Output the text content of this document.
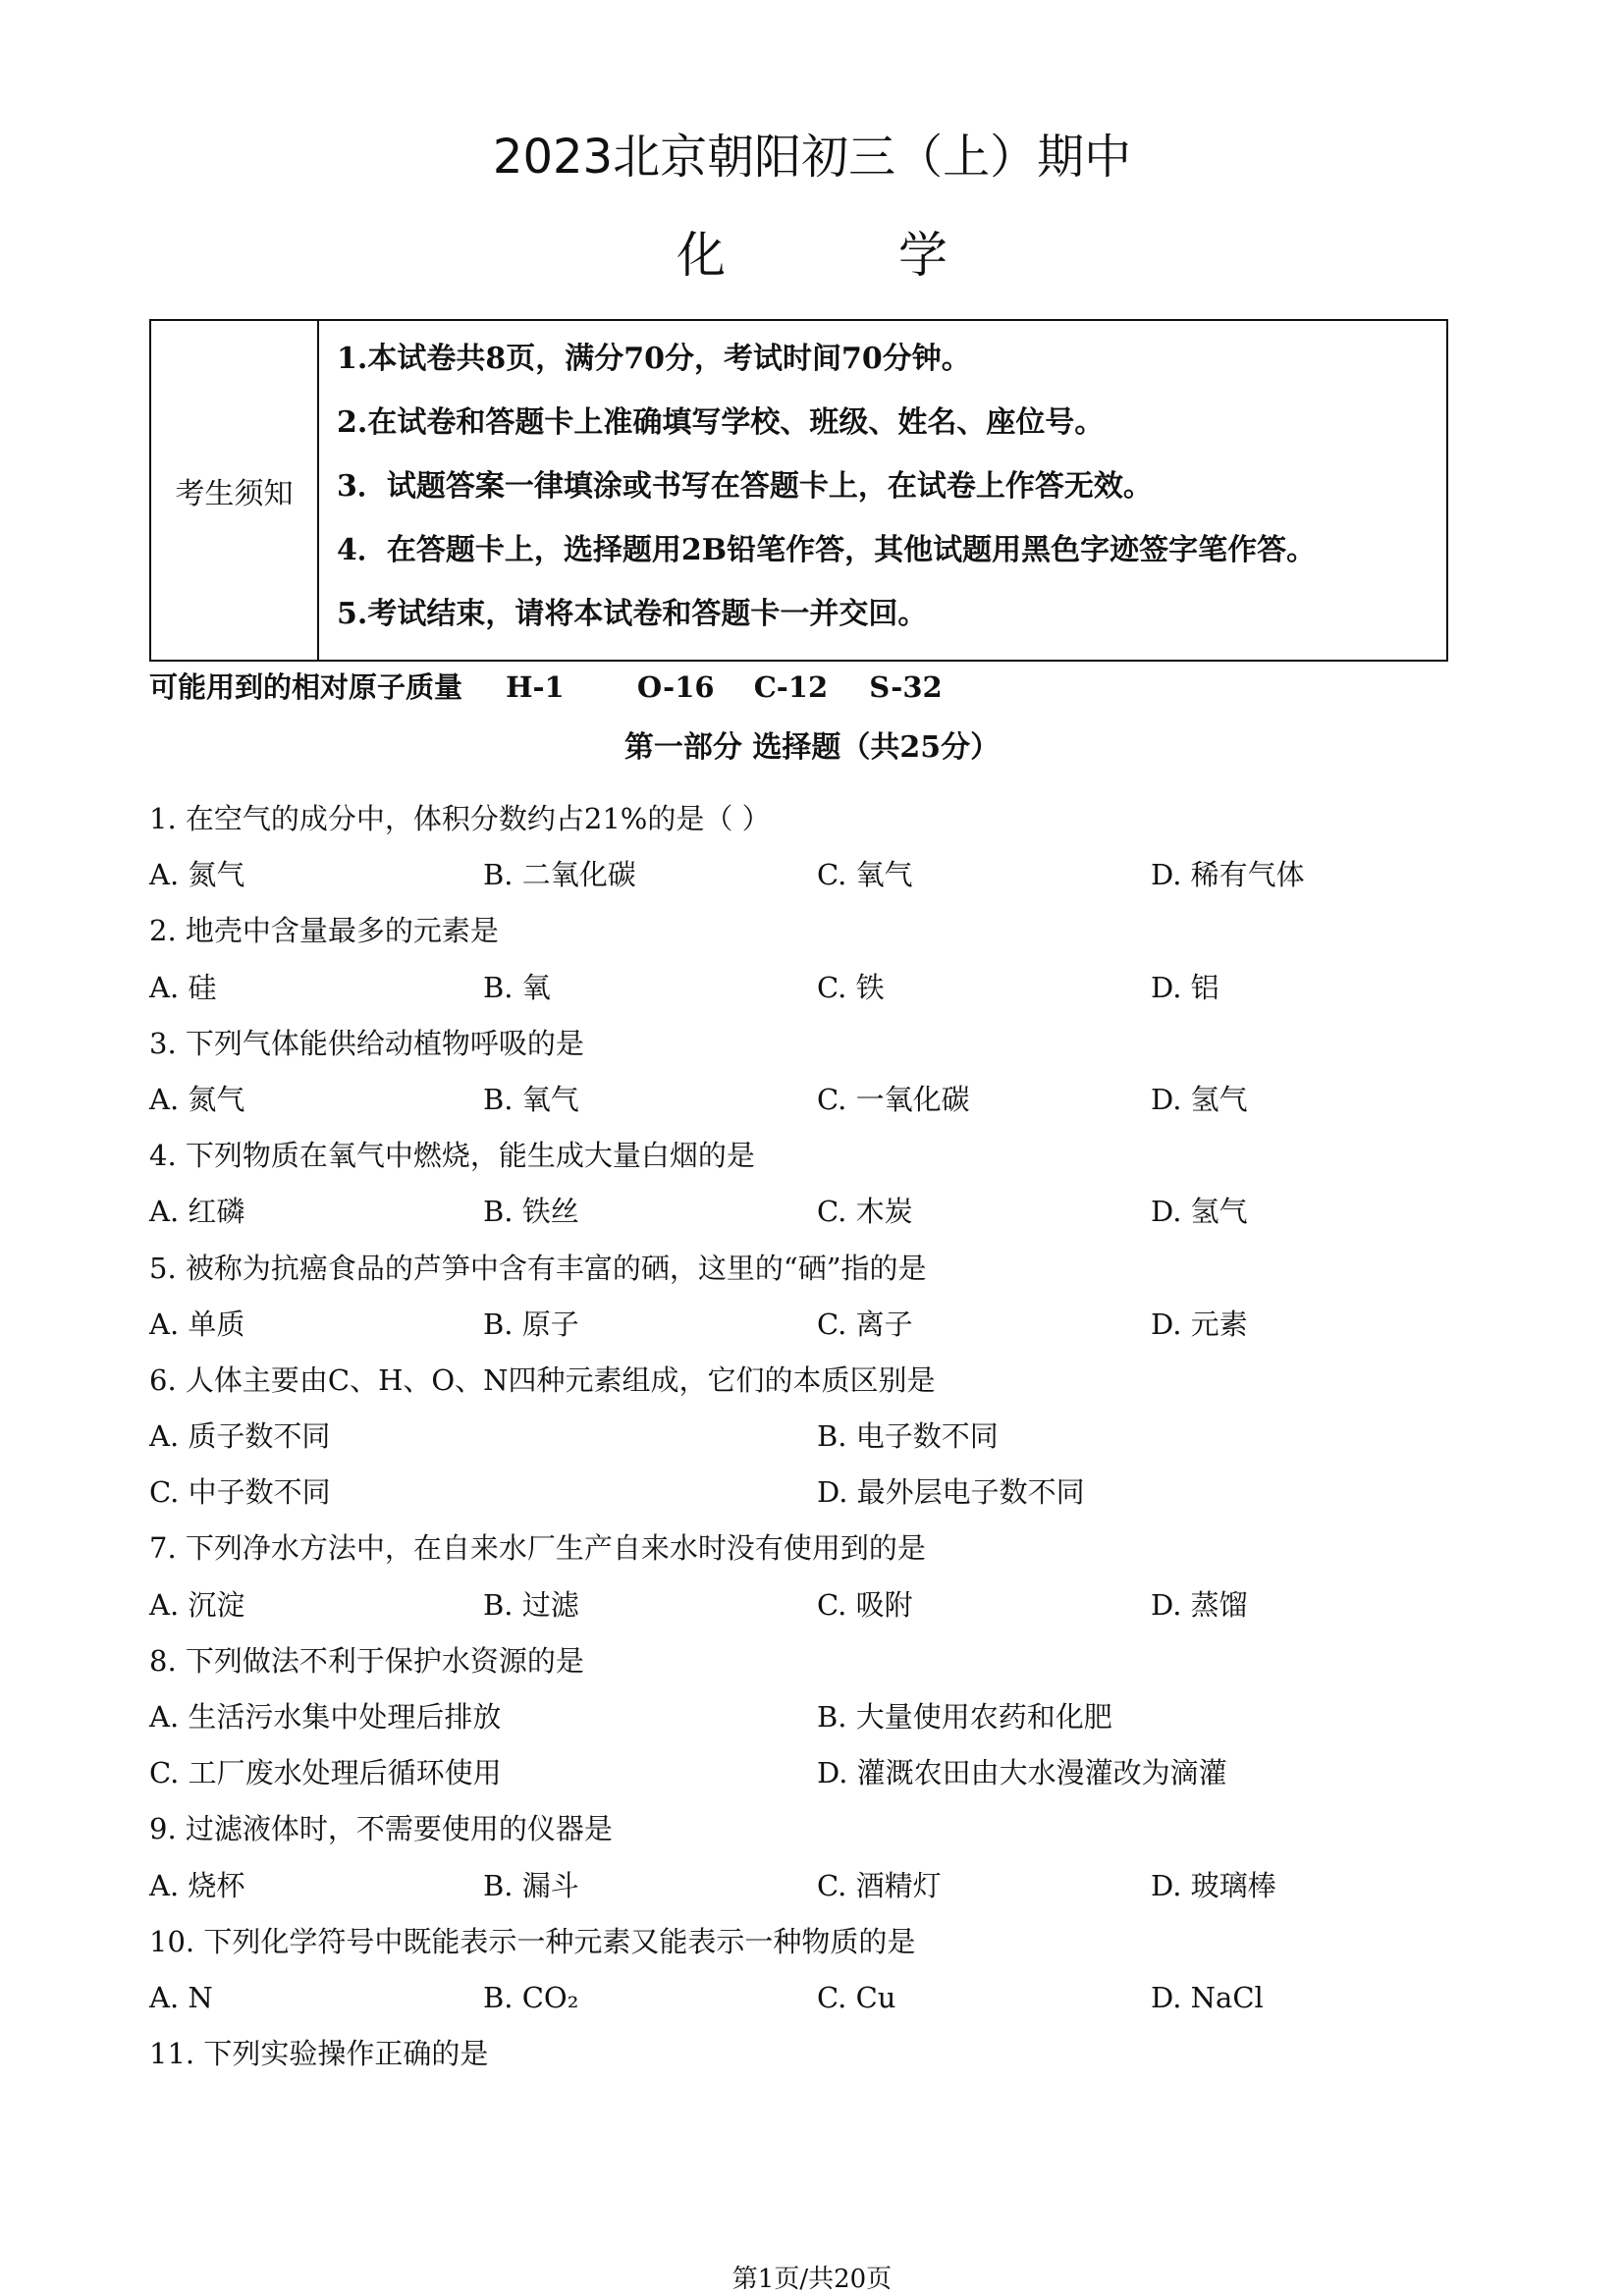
2023北京朝阳初三（上）期中
化 学
考生须知
1.本试卷共8页，满分70分，考试时间70分钟。
2.在试卷和答题卡上准确填写学校、班级、姓名、座位号。
3．试题答案一律填涂或书写在答题卡上，在试卷上作答无效。
4．在答题卡上，选择题用2B铅笔作答，其他试题用黑色字迹签字笔作答。
5.考试结束，请将本试卷和答题卡一并交回。
可能用到的相对原子质量 H-1	O-16 C-12 S-32
第一部分 选择题（共25分）
1. 在空气的成分中，体积分数约占21%的是（ ）
A. 氮气	B. 二氧化碳	C. 氧气	D. 稀有气体
2. 地壳中含量最多的元素是
A. 硅	B. 氧	C. 铁	D. 铝
3. 下列气体能供给动植物呼吸的是
A. 氮气	B. 氧气	C. 一氧化碳	D. 氢气
4. 下列物质在氧气中燃烧，能生成大量白烟的是
A. 红磷	B. 铁丝	C. 木炭	D. 氢气
5. 被称为抗癌食品的芦笋中含有丰富的硒，这里的“硒”指的是
A. 单质	B. 原子	C. 离子	D. 元素
6. 人体主要由C、H、O、N四种元素组成，它们的本质区别是
A. 质子数不同	B. 电子数不同
C. 中子数不同	D. 最外层电子数不同
7. 下列净水方法中，在自来水厂生产自来水时没有使用到的是
A. 沉淀	B. 过滤	C. 吸附	D. 蒸馏
8. 下列做法不利于保护水资源的是
A. 生活污水集中处理后排放	B. 大量使用农药和化肥
C. 工厂废水处理后循环使用	D. 灌溉农田由大水漫灌改为滴灌
9. 过滤液体时，不需要使用的仪器是
A. 烧杯	B. 漏斗	C. 酒精灯	D. 玻璃棒
10. 下列化学符号中既能表示一种元素又能表示一种物质的是
A. N	B. CO₂	C. Cu	D. NaCl
11. 下列实验操作正确的是
第1页/共20页
